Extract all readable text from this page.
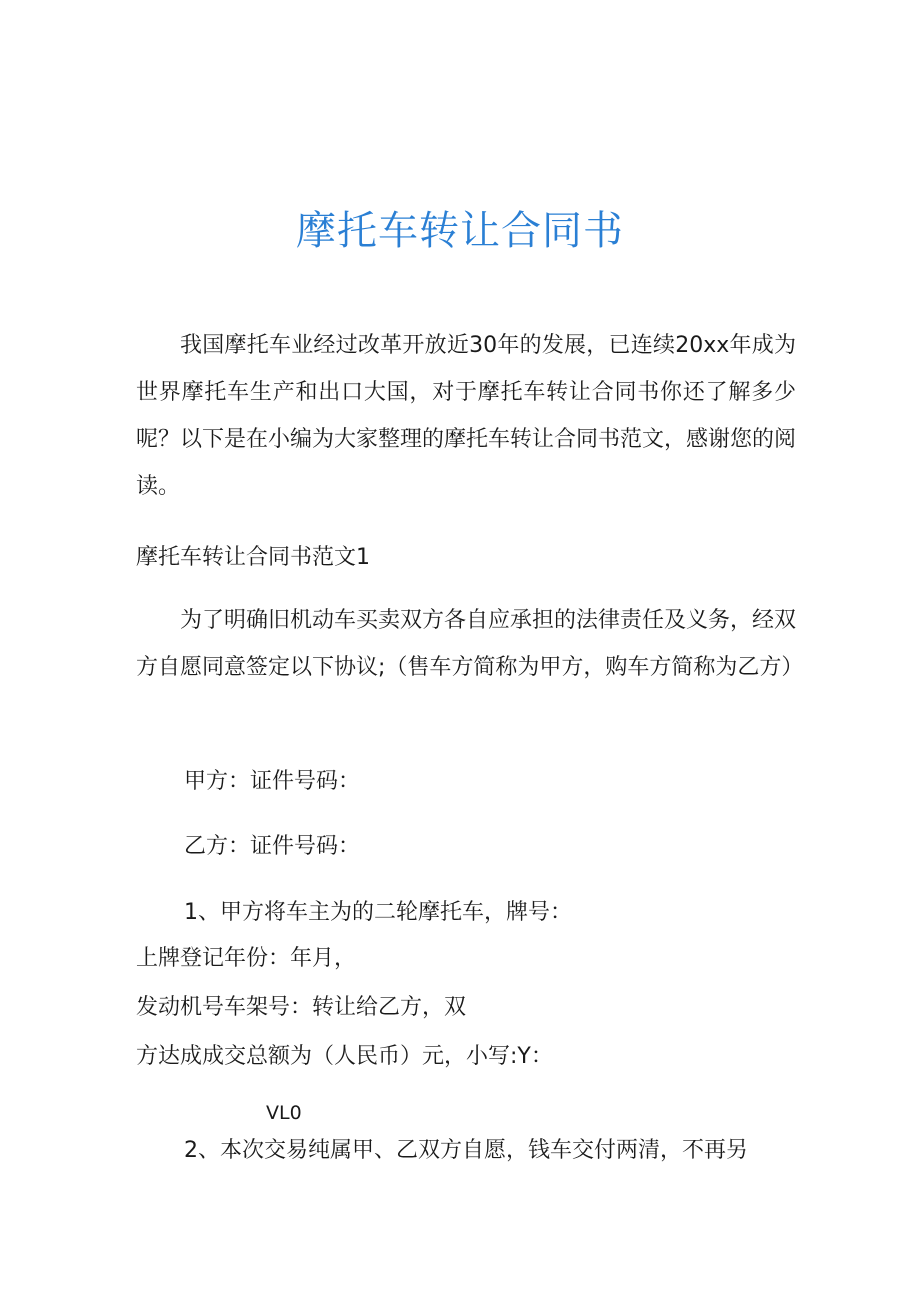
摩托车转让合同书

我国摩托车业经过改革开放近30年的发展，已连续20xx年成为世界摩托车生产和出口大国，对于摩托车转让合同书你还了解多少呢？以下是在小编为大家整理的摩托车转让合同书范文，感谢您的阅读。

摩托车转让合同书范文1

为了明确旧机动车买卖双方各自应承担的法律责任及义务，经双方自愿同意签定以下协议;（售车方简称为甲方，购车方简称为乙方）

甲方：证件号码：

乙方：证件号码：

1、甲方将车主为的二轮摩托车，牌号：

上牌登记年份：年月，

发动机号车架号：转让给乙方，双

方达成成交总额为（人民币）元，小写:Y：

VL0

2、本次交易纯属甲、乙双方自愿，钱车交付两清，不再另
